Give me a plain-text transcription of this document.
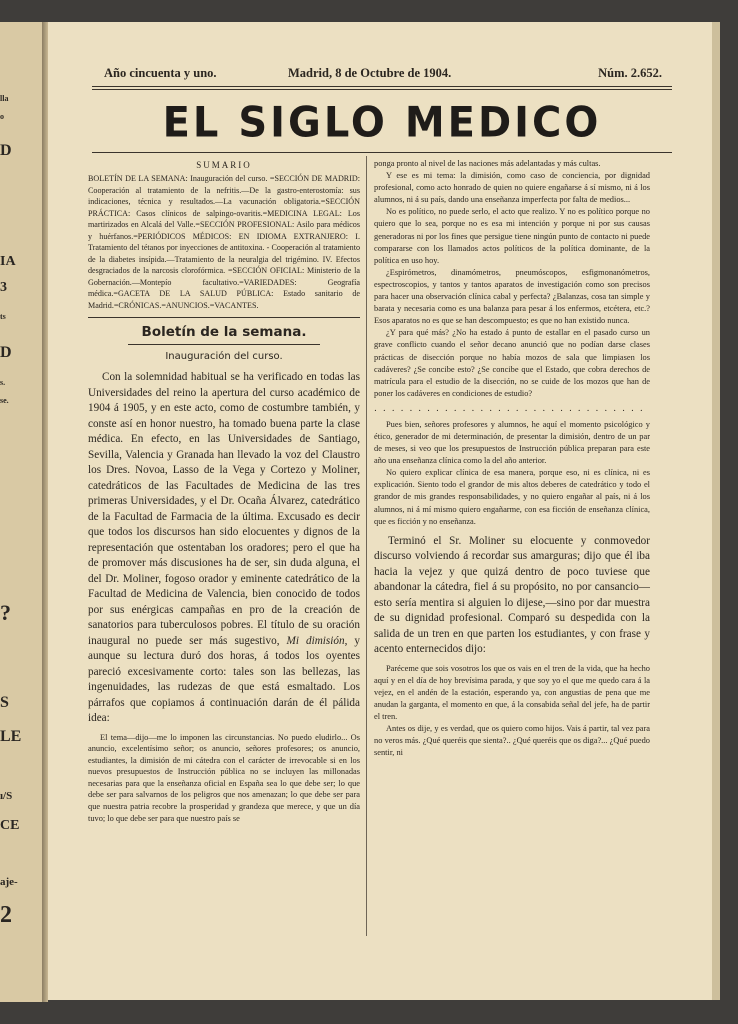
lla
o
D
IA
3
ts
D
s.
se.
?
S
LE
ı/S
CE
aje-
2
Año cincuenta y uno.	Madrid, 8 de Octubre de 1904.	Núm. 2.652.
EL SIGLO MEDICO

SUMARIO

BOLETÍN DE LA SEMANA: Inauguración del curso. =SECCIÓN DE MADRID: Cooperación al tratamiento de la nefritis.—De la gastro-enterostomía: sus indicaciones, técnica y resultados.—La vacunación obligatoria.=SECCIÓN PRÁCTICA: Casos clínicos de salpingo-ovaritis.=MEDICINA LEGAL: Los martirizados en Alcalá del Valle.=SECCIÓN PROFESIONAL: Asilo para médicos y huérfanos.=PERIÓDICOS MÉDICOS: EN IDIOMA EXTRANJERO: I. Tratamiento del tétanos por inyecciones de antitoxina. - Cooperación al tratamiento de la diabetes insípida.—Tratamiento de la neuralgia del trigémino. IV. Efectos desgraciados de la narcosis clorofórmica. =SECCIÓN OFICIAL: Ministerio de la Gobernación.—Montepío facultativo.=VARIEDADES: Geografía médica.=GACETA DE LA SALUD PÚBLICA: Estado sanitario de Madrid.=CRÓNICAS.=ANUNCIOS.=VACANTES.

Boletín de la semana.

Inauguración del curso.

Con la solemnidad habitual se ha verificado en todas las Universidades del reino la apertura del curso académico de 1904 á 1905, y en este acto, como de costumbre también, y conste así en honor nuestro, ha tomado buena parte la clase médica. En efecto, en las Universidades de Santiago, Sevilla, Valencia y Granada han llevado la voz del Claustro los Dres. Novoa, Lasso de la Vega y Cortezo y Moliner, catedráticos de las Facultades de Medicina de las tres primeras Universidades, y el Dr. Ocaña Álvarez, catedrático de la Facultad de Farmacia de la última. Excusado es decir que todos los discursos han sido elocuentes y dignos de la representación que ostentaban los oradores; pero el que ha de promover más discusiones ha de ser, sin duda alguna, el del Dr. Moliner, fogoso orador y eminente catedrático de la Facultad de Medicina de Valencia, bien conocido de todos por sus enérgicas campañas en pro de la creación de sanatorios para tuberculosos pobres. El título de su oración inaugural no puede ser más sugestivo, Mi dimisión, y aunque su lectura duró dos horas, á todos los oyentes pareció excesivamente corto: tales son las bellezas, las ingenuidades, las rudezas de que está esmaltado. Los párrafos que copiamos á continuación darán de él pálida idea:

El tema—dijo—me lo imponen las circunstancias. No puedo eludirlo... Os anuncio, excelentísimo señor; os anuncio, señores profesores; os anuncio, estudiantes, la dimisión de mi cátedra con el carácter de irrevocable si en los nuevos presupuestos de Instrucción pública no se incluyen las millonadas necesarias para que la enseñanza oficial en España sea lo que debe ser; lo que debe ser para salvarnos de los peligros que nos amenazan; lo que debe ser para que nuestra patria recobre la prosperidad y grandeza que merece, y que un día tuvo; lo que debe ser para que nuestro país se

ponga pronto al nivel de las naciones más adelantadas y más cultas.

Y ese es mi tema: la dimisión, como caso de conciencia, por dignidad profesional, como acto honrado de quien no quiere engañarse á sí mismo, ni á los alumnos, ni á su país, dando una enseñanza imperfecta por falta de medios...

No es político, no puede serlo, el acto que realizo. Y no es político porque no quiero que lo sea, porque no es esa mi intención y porque ni por sus causas generadoras ni por los fines que persigue tiene ningún punto de contacto ni puede compararse con los llamados actos políticos de la política dominante, de la política en uso hoy.

¿Espirómetros, dinamómetros, pneumóscopos, esfigmonanómetros, espectroscopios, y tantos y tantos aparatos de investigación como son precisos para hacer una observación clínica cabal y perfecta? ¿Balanzas, cosa tan simple y barata y necesaria como es una balanza para pesar á los enfermos, etcétera, etc.? Esos aparatos no es que se han descompuesto; es que no han existido nunca.

¿Y para qué más? ¿No ha estado á punto de estallar en el pasado curso un grave conflicto cuando el señor decano anunció que no podían darse clases prácticas de disección porque no había mozos de sala que limpiasen los cadáveres? ¿Se concibe esto? ¿Se concibe que el Estado, que cobra derechos de matrícula para el estudio de la disección, no se cuide de los mozos que han de poner los cadáveres en condiciones de estudio?

...............................

Pues bien, señores profesores y alumnos, he aquí el momento psicológico y ético, generador de mi determinación, de presentar la dimisión, dentro de un par de meses, si veo que los presupuestos de Instrucción pública preparan para este año una enseñanza clínica como la del año anterior.

No quiero explicar clínica de esa manera, porque eso, ni es clínica, ni es explicación. Siento todo el grandor de mis altos deberes de catedrático y todo el grandor de mis grandes responsabilidades, y no quiero engañar al país, ni á los alumnos, ni á mí mismo quiero engañarme, con esa ficción de enseñanza clínica, que es ficción y no enseñanza.

Terminó el Sr. Moliner su elocuente y conmovedor discurso volviendo á recordar sus amarguras; dijo que él iba hacia la vejez y que quizá dentro de poco tuviese que abandonar la cátedra, fiel á su propósito, no por cansancio—esto sería mentira si alguien lo dijese,—sino por dar muestra de su dignidad profesional. Comparó su despedida con la salida de un tren en que parten los estudiantes, y con frase y acento enternecidos dijo:

Paréceme que sois vosotros los que os vais en el tren de la vida, que ha hecho aquí y en el día de hoy brevísima parada, y que soy yo el que me quedo cara á la vejez, en el andén de la estación, esperando ya, con angustias de pena que me anudan la garganta, el momento en que, á la consabida señal del jefe, ha de partir el tren.

Antes os dije, y es verdad, que os quiero como hijos. Vais á partir, tal vez para no veros más. ¿Qué queréis que sienta?.. ¿Qué queréis que os diga?... ¿Qué puedo sentir, ni
